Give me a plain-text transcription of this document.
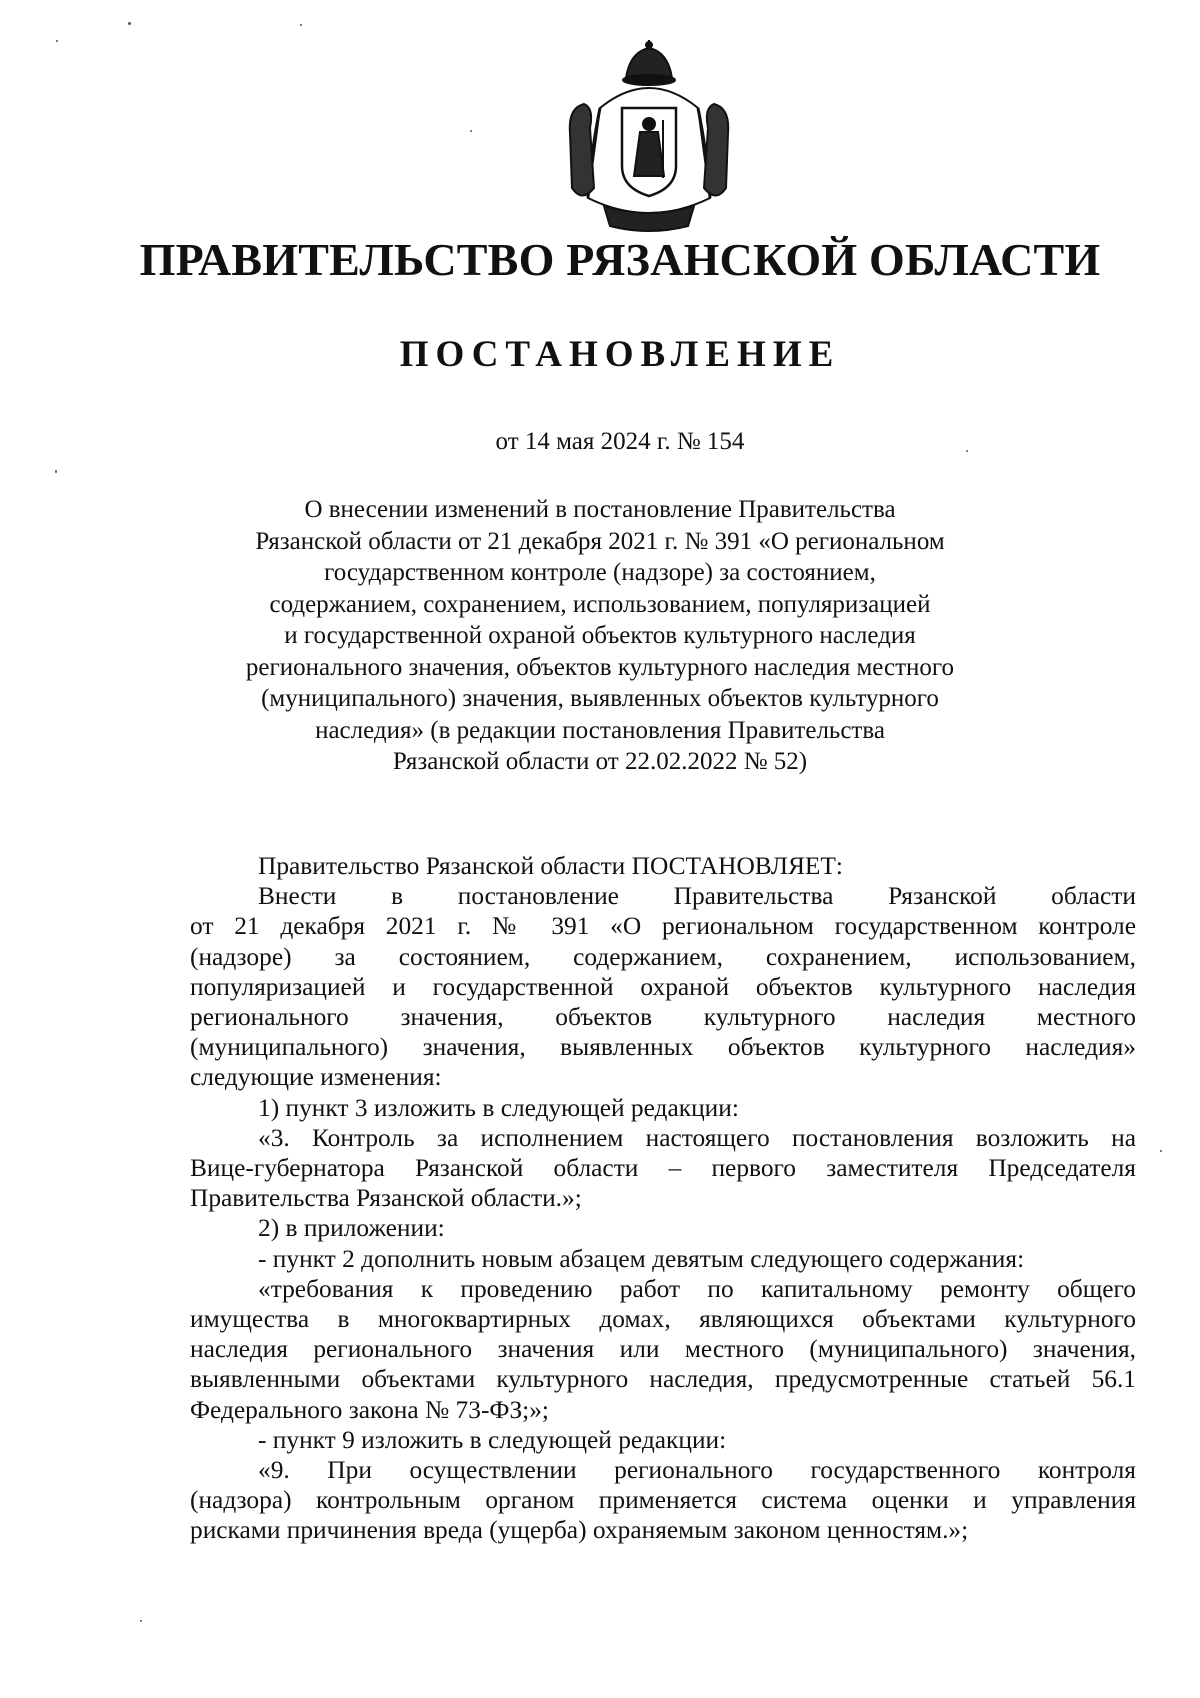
ПРАВИТЕЛЬСТВО РЯЗАНСКОЙ ОБЛАСТИ
ПОСТАНОВЛЕНИЕ
от 14 мая 2024 г. № 154
О внесении изменений в постановление Правительства
Рязанской области от 21 декабря 2021 г. № 391 «О региональном
государственном контроле (надзоре) за состоянием,
содержанием, сохранением, использованием, популяризацией
и государственной охраной объектов культурного наследия
регионального значения, объектов культурного наследия местного
(муниципального) значения, выявленных объектов культурного
наследия» (в редакции постановления Правительства
Рязанской области от 22.02.2022 № 52)
Правительство Рязанской области ПОСТАНОВЛЯЕТ:
Внести в постановление Правительства Рязанской области
от 21 декабря 2021 г. № 391 «О региональном государственном контроле
(надзоре) за состоянием, содержанием, сохранением, использованием,
популяризацией и государственной охраной объектов культурного наследия
регионального значения, объектов культурного наследия местного
(муниципального) значения, выявленных объектов культурного наследия»
следующие изменения:
1) пункт 3 изложить в следующей редакции:
«3. Контроль за исполнением настоящего постановления возложить на
Вице-губернатора Рязанской области – первого заместителя Председателя
Правительства Рязанской области.»;
2) в приложении:
- пункт 2 дополнить новым абзацем девятым следующего содержания:
«требования к проведению работ по капитальному ремонту общего
имущества в многоквартирных домах, являющихся объектами культурного
наследия регионального значения или местного (муниципального) значения,
выявленными объектами культурного наследия, предусмотренные статьей 56.1
Федерального закона № 73-ФЗ;»;
- пункт 9 изложить в следующей редакции:
«9. При осуществлении регионального государственного контроля
(надзора) контрольным органом применяется система оценки и управления
рисками причинения вреда (ущерба) охраняемым законом ценностям.»;
